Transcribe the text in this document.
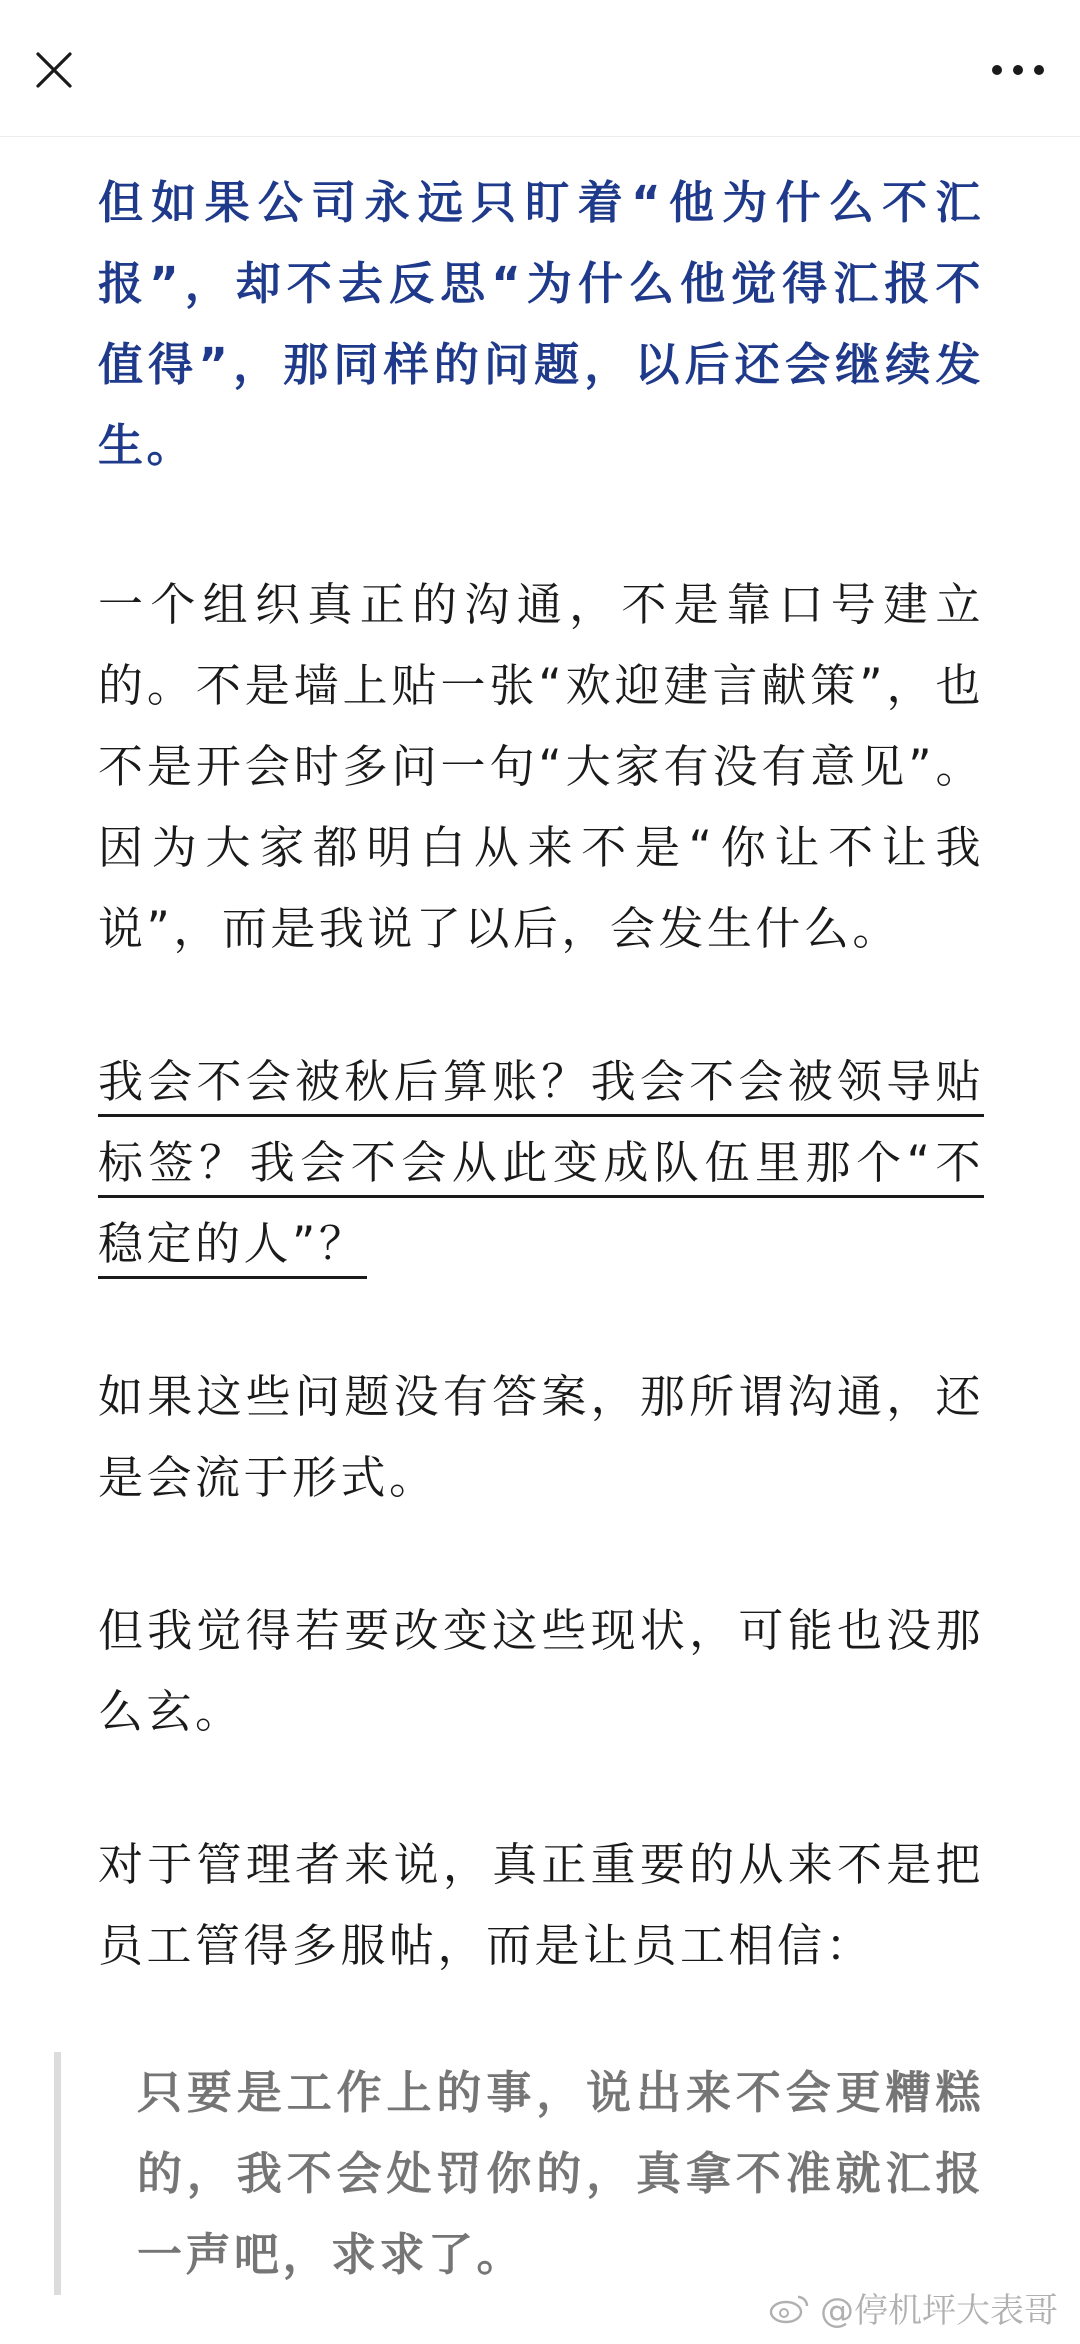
但如果公司永远只盯着“他为什么不汇报”，却不去反思“为什么他觉得汇报不值得”，那同样的问题，以后还会继续发生。

一个组织真正的沟通，不是靠口号建立的。不是墙上贴一张“欢迎建言献策”，也不是开会时多问一句“大家有没有意见”。因为大家都明白从来不是“你让不让我说”，而是我说了以后，会发生什么。

我会不会被秋后算账？我会不会被领导贴标签？我会不会从此变成队伍里那个“不稳定的人”？

如果这些问题没有答案，那所谓沟通，还是会流于形式。

但我觉得若要改变这些现状，可能也没那么玄。

对于管理者来说，真正重要的从来不是把员工管得多服帖，而是让员工相信：

只要是工作上的事，说出来不会更糟糕的，我不会处罚你的，真拿不准就汇报一声吧，求求了。

@停机坪大表哥
